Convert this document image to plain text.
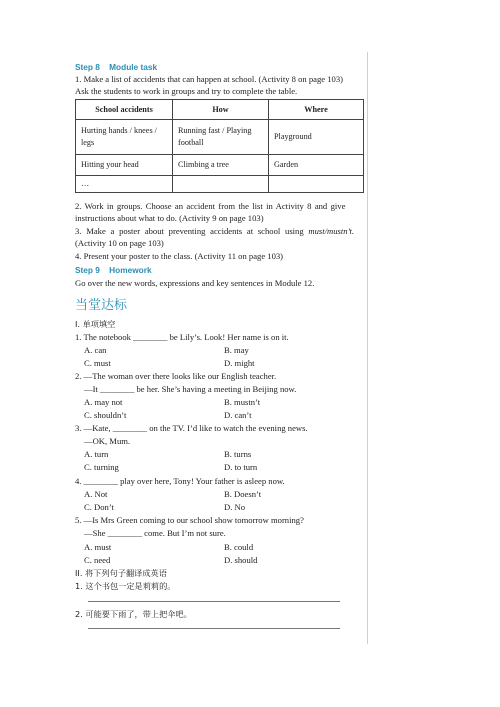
Step 8 Module task
1. Make a list of accidents that can happen at school. (Activity 8 on page 103)
Ask the students to work in groups and try to complete the table.
School accidents	How	Where
Hurting hands / knees / legs	Running fast / Playing football	Playground
Hitting your head	Climbing a tree	Garden
…		
2. Work in groups. Choose an accident from the list in Activity 8 and give
instructions about what to do. (Activity 9 on page 103)
3. Make a poster about preventing accidents at school using must/mustn’t.
(Activity 10 on page 103)
4. Present your poster to the class. (Activity 11 on page 103)
Step 9 Homework
Go over the new words, expressions and key sentences in Module 12.
当堂达标
I. 单项填空
1. The notebook ________ be Lily’s. Look! Her name is on it.
A. can	B. may
C. must	D. might
2. —The woman over there looks like our English teacher.
—It ________ be her. She’s having a meeting in Beijing now.
A. may not	B. mustn’t
C. shouldn’t	D. can’t
3. —Kate, ________ on the TV. I’d like to watch the evening news.
—OK, Mum.
A. turn	B. turns
C. turning	D. to turn
4. ________ play over here, Tony! Your father is asleep now.
A. Not	B. Doesn’t
C. Don’t	D. No
5. —Is Mrs Green coming to our school show tomorrow morning?
—She ________ come. But I’m not sure.
A. must	B. could
C. need	D. should
II. 将下列句子翻译成英语
1. 这个书包一定是莉莉的。
2. 可能要下雨了，带上把伞吧。
